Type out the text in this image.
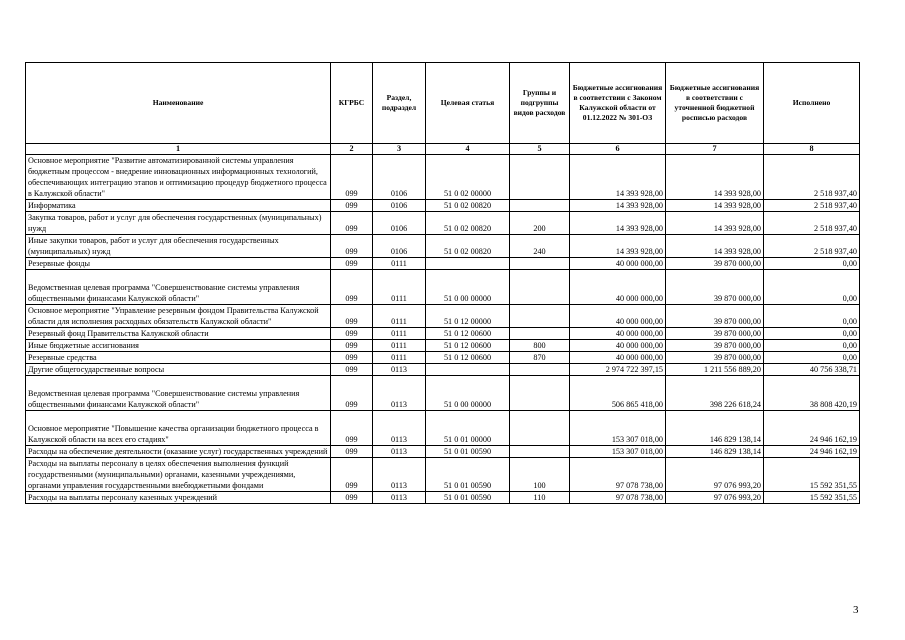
Наименование	КГРБС	Раздел, подраздел	Целевая статья	Группы и подгруппы видов расходов	Бюджетные ассигнования в соответствии с Законом Калужской области от 01.12.2022 № 301-ОЗ	Бюджетные ассигнования в соответствии с уточненной бюджетной росписью расходов	Исполнено
1	2	3	4	5	6	7	8
Основное мероприятие "Развитие автоматизированной системы управления бюджетным процессом - внедрение инновационных информационных технологий, обеспечивающих интеграцию этапов и оптимизацию процедур бюджетного процесса в Калужской области"	099	0106	51 0 02 00000		14 393 928,00	14 393 928,00	2 518 937,40
Информатика	099	0106	51 0 02 00820		14 393 928,00	14 393 928,00	2 518 937,40
Закупка товаров, работ и услуг для обеспечения государственных (муниципальных) нужд	099	0106	51 0 02 00820	200	14 393 928,00	14 393 928,00	2 518 937,40
Иные закупки товаров, работ и услуг для обеспечения государственных (муниципальных) нужд	099	0106	51 0 02 00820	240	14 393 928,00	14 393 928,00	2 518 937,40
Резервные фонды	099	0111			40 000 000,00	39 870 000,00	0,00
Ведомственная целевая программа "Совершенствование системы управления общественными финансами Калужской области"	099	0111	51 0 00 00000		40 000 000,00	39 870 000,00	0,00
Основное мероприятие "Управление резервным фондом Правительства Калужской области для исполнения расходных обязательств Калужской области"	099	0111	51 0 12 00000		40 000 000,00	39 870 000,00	0,00
Резервный фонд Правительства Калужской области	099	0111	51 0 12 00600		40 000 000,00	39 870 000,00	0,00
Иные бюджетные ассигнования	099	0111	51 0 12 00600	800	40 000 000,00	39 870 000,00	0,00
Резервные средства	099	0111	51 0 12 00600	870	40 000 000,00	39 870 000,00	0,00
Другие общегосударственные вопросы	099	0113			2 974 722 397,15	1 211 556 889,20	40 756 338,71
Ведомственная целевая программа "Совершенствование системы управления общественными финансами Калужской области"	099	0113	51 0 00 00000		506 865 418,00	398 226 618,24	38 808 420,19
Основное мероприятие "Повышение качества организации бюджетного процесса в Калужской области на всех его стадиях"	099	0113	51 0 01 00000		153 307 018,00	146 829 138,14	24 946 162,19
Расходы на обеспечение деятельности (оказание услуг) государственных учреждений	099	0113	51 0 01 00590		153 307 018,00	146 829 138,14	24 946 162,19
Расходы на выплаты персоналу в целях обеспечения выполнения функций государственными (муниципальными) органами, казенными учреждениями, органами управления государственными внебюджетными фондами	099	0113	51 0 01 00590	100	97 078 738,00	97 076 993,20	15 592 351,55
Расходы на выплаты персоналу казенных учреждений	099	0113	51 0 01 00590	110	97 078 738,00	97 076 993,20	15 592 351,55
3
